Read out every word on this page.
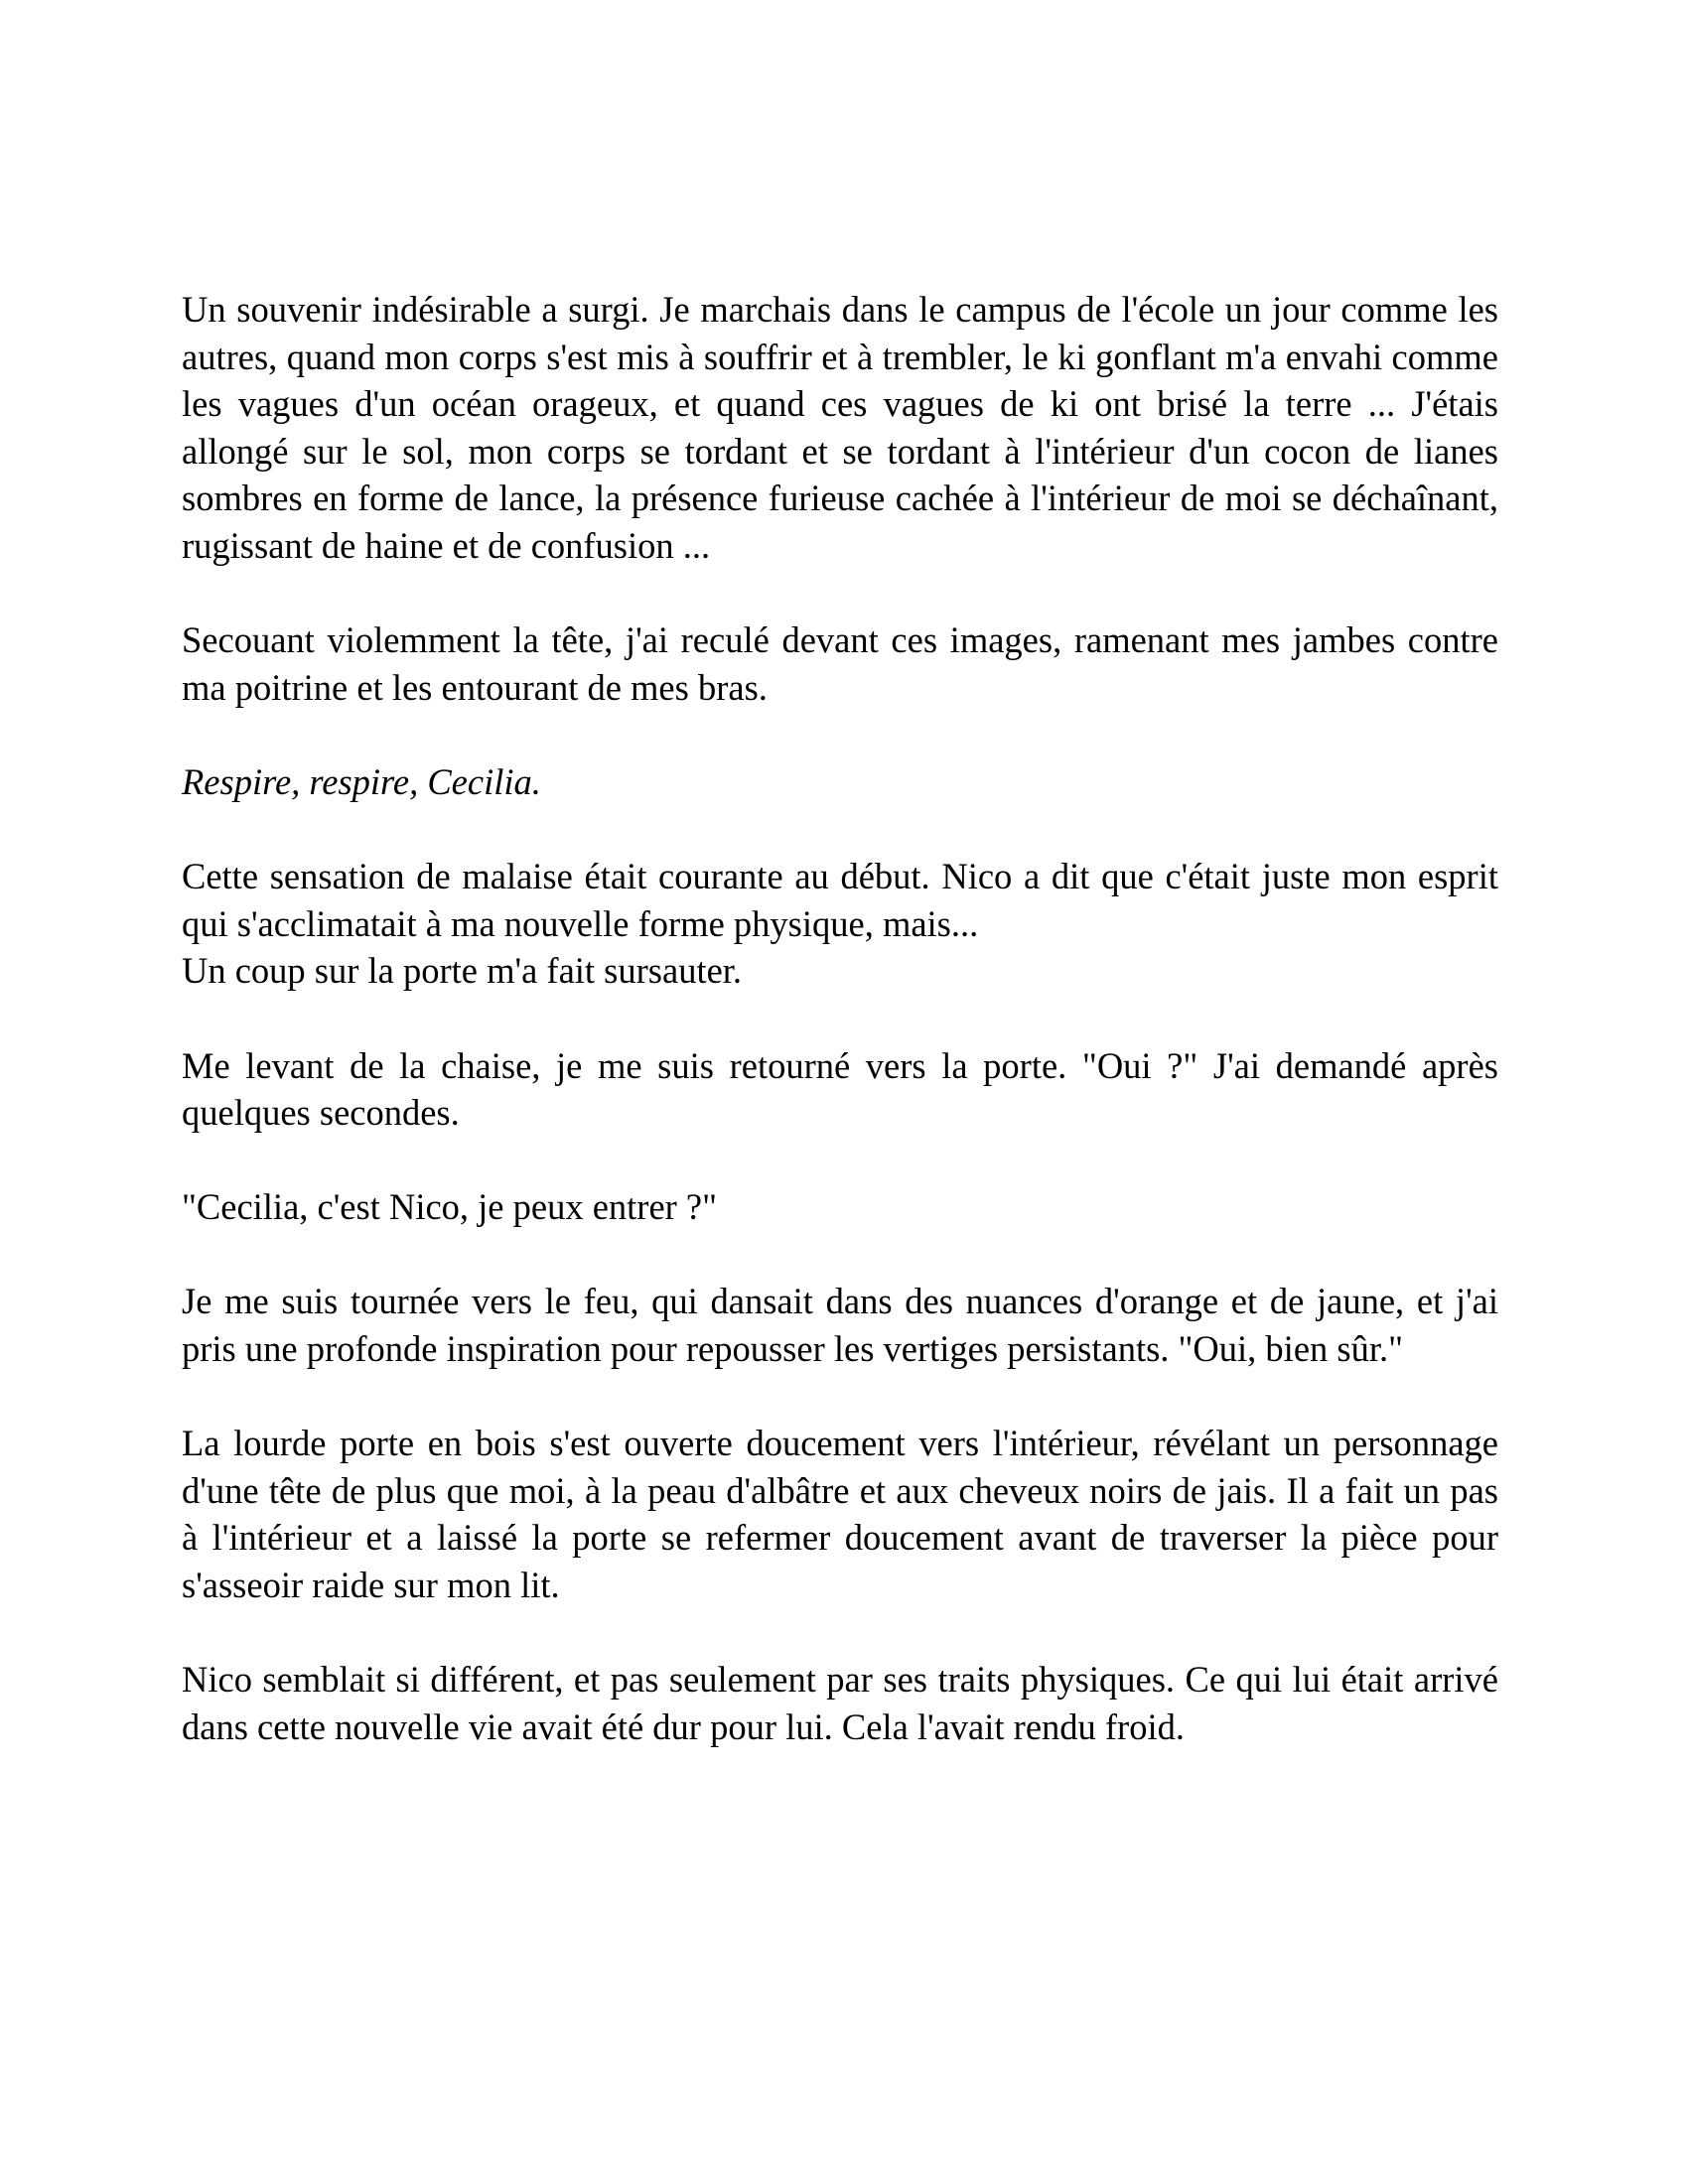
Un souvenir indésirable a surgi. Je marchais dans le campus de l'école un jour comme les autres, quand mon corps s'est mis à souffrir et à trembler, le ki gonflant m'a envahi comme les vagues d'un océan orageux, et quand ces vagues de ki ont brisé la terre ... J'étais allongé sur le sol, mon corps se tordant et se tordant à l'intérieur d'un cocon de lianes sombres en forme de lance, la présence furieuse cachée à l'intérieur de moi se déchaînant, rugissant de haine et de confusion ...

Secouant violemment la tête, j'ai reculé devant ces images, ramenant mes jambes contre ma poitrine et les entourant de mes bras.

Respire, respire, Cecilia.

Cette sensation de malaise était courante au début. Nico a dit que c'était juste mon esprit qui s'acclimatait à ma nouvelle forme physique, mais...
Un coup sur la porte m'a fait sursauter.

Me levant de la chaise, je me suis retourné vers la porte. "Oui ?" J'ai demandé après quelques secondes.

"Cecilia, c'est Nico, je peux entrer ?"

Je me suis tournée vers le feu, qui dansait dans des nuances d'orange et de jaune, et j'ai pris une profonde inspiration pour repousser les vertiges persistants. "Oui, bien sûr."

La lourde porte en bois s'est ouverte doucement vers l'intérieur, révélant un personnage d'une tête de plus que moi, à la peau d'albâtre et aux cheveux noirs de jais. Il a fait un pas à l'intérieur et a laissé la porte se refermer doucement avant de traverser la pièce pour s'asseoir raide sur mon lit.

Nico semblait si différent, et pas seulement par ses traits physiques. Ce qui lui était arrivé dans cette nouvelle vie avait été dur pour lui. Cela l'avait rendu froid.
